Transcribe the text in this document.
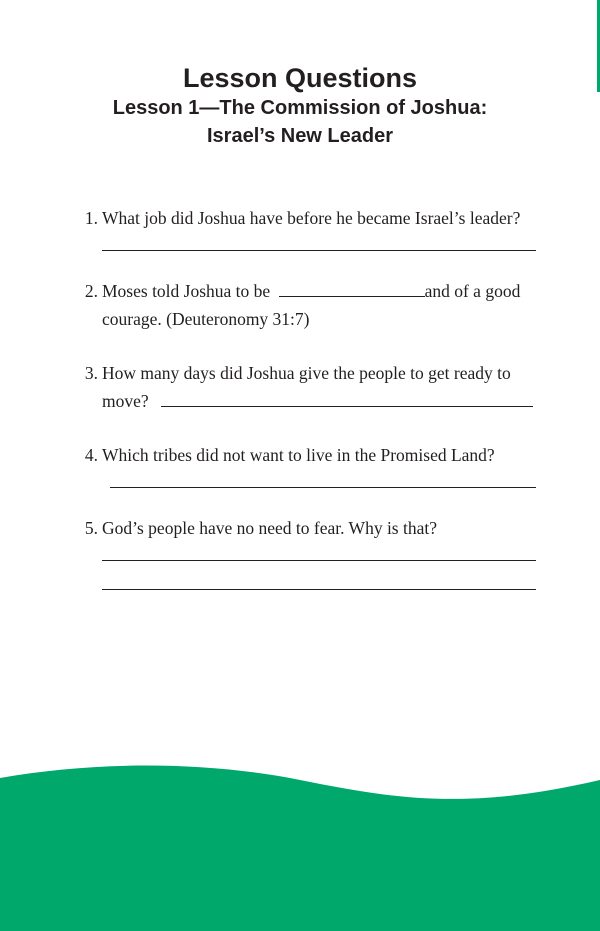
Lesson Questions
Lesson 1—The Commission of Joshua:
Israel’s New Leader
1. What job did Joshua have before he became Israel’s leader?
2. Moses told Joshua to be	and of a good
courage. (Deuteronomy 31:7)
3. How many days did Joshua give the people to get ready to
move?
4. Which tribes did not want to live in the Promised Land?
5. God’s people have no need to fear. Why is that?
